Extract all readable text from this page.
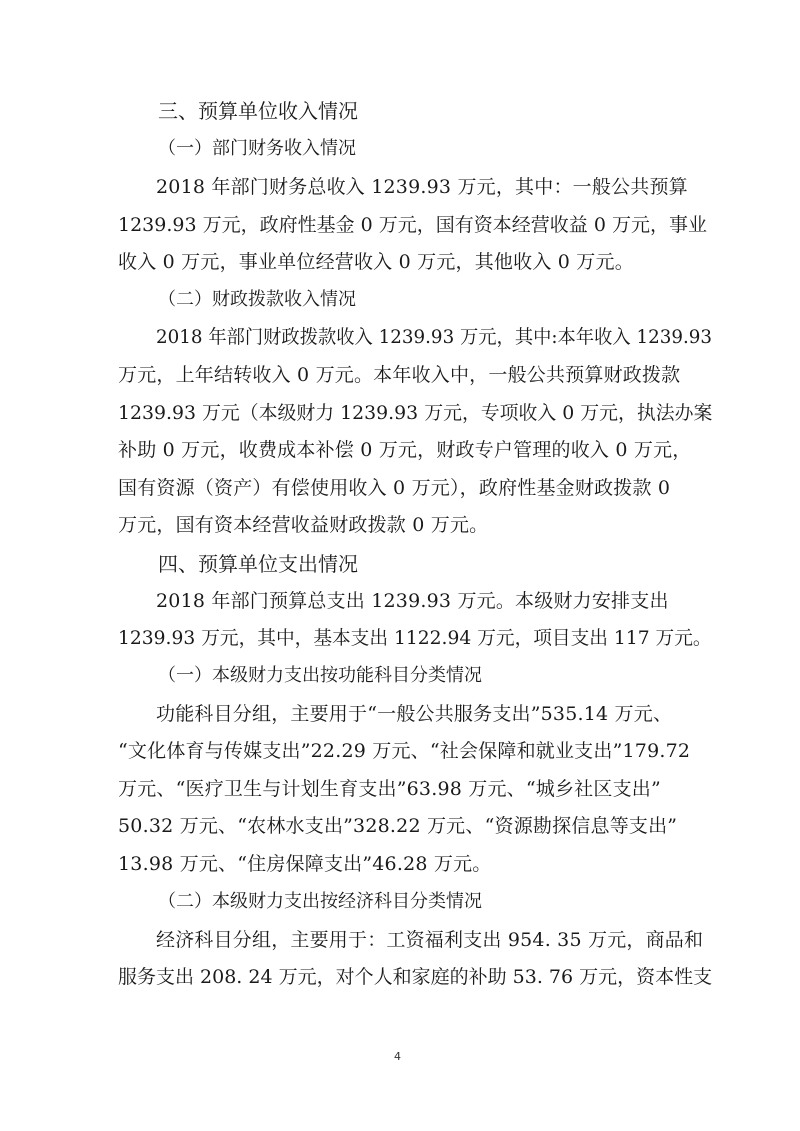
三、预算单位收入情况
（一）部门财务收入情况
2018 年部门财务总收入 1239.93 万元，其中：一般公共预算
1239.93 万元，政府性基金 0 万元，国有资本经营收益 0 万元，事业
收入 0 万元，事业单位经营收入 0 万元，其他收入 0 万元。
（二）财政拨款收入情况
2018 年部门财政拨款收入 1239.93 万元，其中:本年收入 1239.93
万元，上年结转收入 0 万元。本年收入中，一般公共预算财政拨款
1239.93 万元（本级财力 1239.93 万元，专项收入 0 万元，执法办案
补助 0 万元，收费成本补偿 0 万元，财政专户管理的收入 0 万元，
国有资源（资产）有偿使用收入 0 万元），政府性基金财政拨款 0
万元，国有资本经营收益财政拨款 0 万元。
四、预算单位支出情况
2018 年部门预算总支出 1239.93 万元。本级财力安排支出
1239.93 万元，其中，基本支出 1122.94 万元，项目支出 117 万元。
（一）本级财力支出按功能科目分类情况
功能科目分组，主要用于“一般公共服务支出”535.14 万元、
“文化体育与传媒支出”22.29 万元、“社会保障和就业支出”179.72
万元、“医疗卫生与计划生育支出”63.98 万元、“城乡社区支出”
50.32 万元、“农林水支出”328.22 万元、“资源勘探信息等支出”
13.98 万元、“住房保障支出”46.28 万元。
（二）本级财力支出按经济科目分类情况
经济科目分组，主要用于：工资福利支出 954. 35 万元，商品和
服务支出 208. 24 万元，对个人和家庭的补助 53. 76 万元，资本性支
4
